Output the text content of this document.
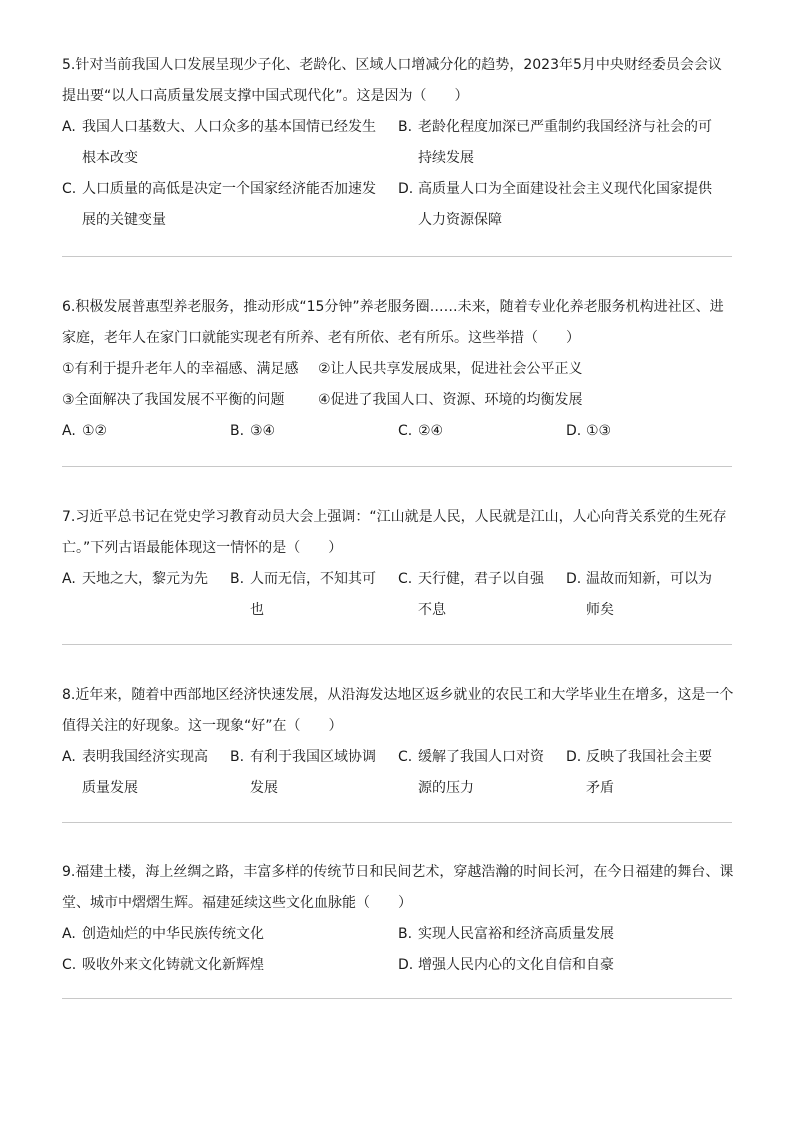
5.针对当前我国人口发展呈现少子化、老龄化、区域人口增减分化的趋势，2023年5月中央财经委员会会议提出要“以人口高质量发展支撑中国式现代化”。这是因为（　　）

A. 我国人口基数大、人口众多的基本国情已经发生根本改变
B. 老龄化程度加深已严重制约我国经济与社会的可持续发展
C. 人口质量的高低是决定一个国家经济能否加速发展的关键变量
D. 高质量人口为全面建设社会主义现代化国家提供人力资源保障

6.积极发展普惠型养老服务，推动形成“15分钟”养老服务圈……未来，随着专业化养老服务机构进社区、进家庭，老年人在家门口就能实现老有所养、老有所依、老有所乐。这些举措（　　）

①有利于提升老年人的幸福感、满足感	②让人民共享发展成果，促进社会公平正义
③全面解决了我国发展不平衡的问题	④促进了我国人口、资源、环境的均衡发展
A. ①②	B. ③④	C. ②④	D. ①③

7.习近平总书记在党史学习教育动员大会上强调：“江山就是人民，人民就是江山，人心向背关系党的生死存亡。”下列古语最能体现这一情怀的是（　　）

A. 天地之大，黎元为先	B. 人而无信，不知其可也
C. 天行健，君子以自强不息
D. 温故而知新，可以为师矣

8.近年来，随着中西部地区经济快速发展，从沿海发达地区返乡就业的农民工和大学毕业生在增多，这是一个值得关注的好现象。这一现象“好”在（　　）

A. 表明我国经济实现高质量发展
B. 有利于我国区域协调发展
C. 缓解了我国人口对资源的压力
D. 反映了我国社会主要矛盾

9.福建土楼，海上丝绸之路，丰富多样的传统节日和民间艺术，穿越浩瀚的时间长河，在今日福建的舞台、课堂、城市中熠熠生辉。福建延续这些文化血脉能（　　）

A. 创造灿烂的中华民族传统文化	B. 实现人民富裕和经济高质量发展
C. 吸收外来文化铸就文化新辉煌	D. 增强人民内心的文化自信和自豪
